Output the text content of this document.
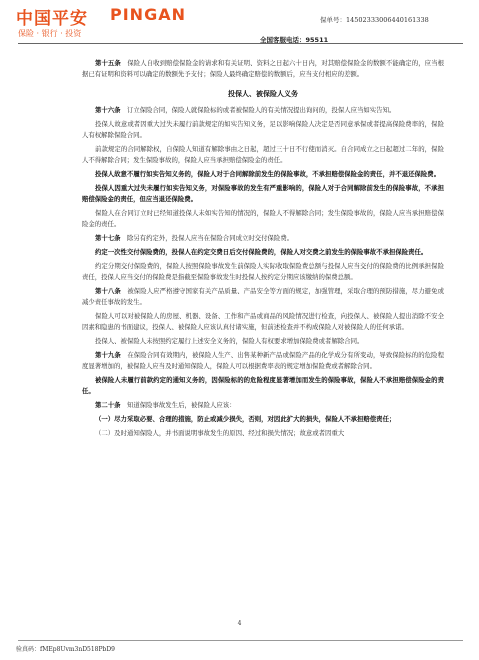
中国平安 PINGAN
保险 · 银行 · 投资
保单号：14502333006440161338
全国客服电话：95511

第十五条　 保险人自收到赔偿保险金的请求和有关证明、资料之日起六十日内，对其赔偿保险金的数额不能确定的，应当根据已有证明和资料可以确定的数额先予支付；保险人最终确定赔偿的数额后，应当支付相应的差额。

投保人、被保险人义务

第十六条　 订立保险合同，保险人就保险标的或者被保险人的有关情况提出询问的，投保人应当如实告知。

投保人故意或者因重大过失未履行前款规定的如实告知义务，足以影响保险人决定是否同意承保或者提高保险费率的，保险人有权解除保险合同。

前款规定的合同解除权，自保险人知道有解除事由之日起，超过三十日不行使而消灭。自合同成立之日起超过二年的，保险人不得解除合同；发生保险事故的，保险人应当承担赔偿保险金的责任。

投保人故意不履行如实告知义务的，保险人对于合同解除前发生的保险事故，不承担赔偿保险金的责任，并不退还保险费。

投保人因重大过失未履行如实告知义务，对保险事故的发生有严重影响的，保险人对于合同解除前发生的保险事故，不承担赔偿保险金的责任，但应当退还保险费。

保险人在合同订立时已经知道投保人未如实告知的情况的，保险人不得解除合同；发生保险事故的，保险人应当承担赔偿保险金的责任。

第十七条　 除另有约定外，投保人应当在保险合同成立时交付保险费。

约定一次性交付保险费的，投保人在约定交费日后交付保险费的，保险人对交费之前发生的保险事故不承担保险责任。

约定分期交付保险费的，保险人按照保险事故发生前保险人实际收取保险费总额与投保人应当交付的保险费的比例承担保险责任，投保人应当交付的保险费是指截至保险事故发生时投保人按约定分期应该缴纳的保费总额。

第十八条　 被保险人应严格遵守国家有关产品质量、产品安全等方面的规定，加强管理，采取合理的预防措施，尽力避免或减少责任事故的发生。

保险人可以对被保险人的房屋、机器、设备、工作和产品或商品的风险情况进行检查，向投保人、被保险人提出消除不安全因素和隐患的书面建议，投保人、被保险人应该认真付诸实施，但前述检查并不构成保险人对被保险人的任何承诺。

投保人、被保险人未按照约定履行上述安全义务的，保险人有权要求增加保险费或者解除合同。

第十九条　 在保险合同有效期内，被保险人生产、出售某种新产品或保险产品的化学成分有所变动，导致保险标的的危险程度显著增加的，被保险人应当及时通知保险人，保险人可以根据费率表的规定增加保险费或者解除合同。

被保险人未履行前款约定的通知义务的，因保险标的的危险程度显著增加而发生的保险事故，保险人不承担赔偿保险金的责任。

第二十条　 知道保险事故发生后，被保险人应该：

（一）尽力采取必要、合理的措施，防止或减少损失，否则，对因此扩大的损失，保险人不承担赔偿责任；

（二）及时通知保险人，并书面说明事故发生的原因、经过和损失情况；故意或者因重大

4
验真码：fMEp8Uvm3nD518PbD9
